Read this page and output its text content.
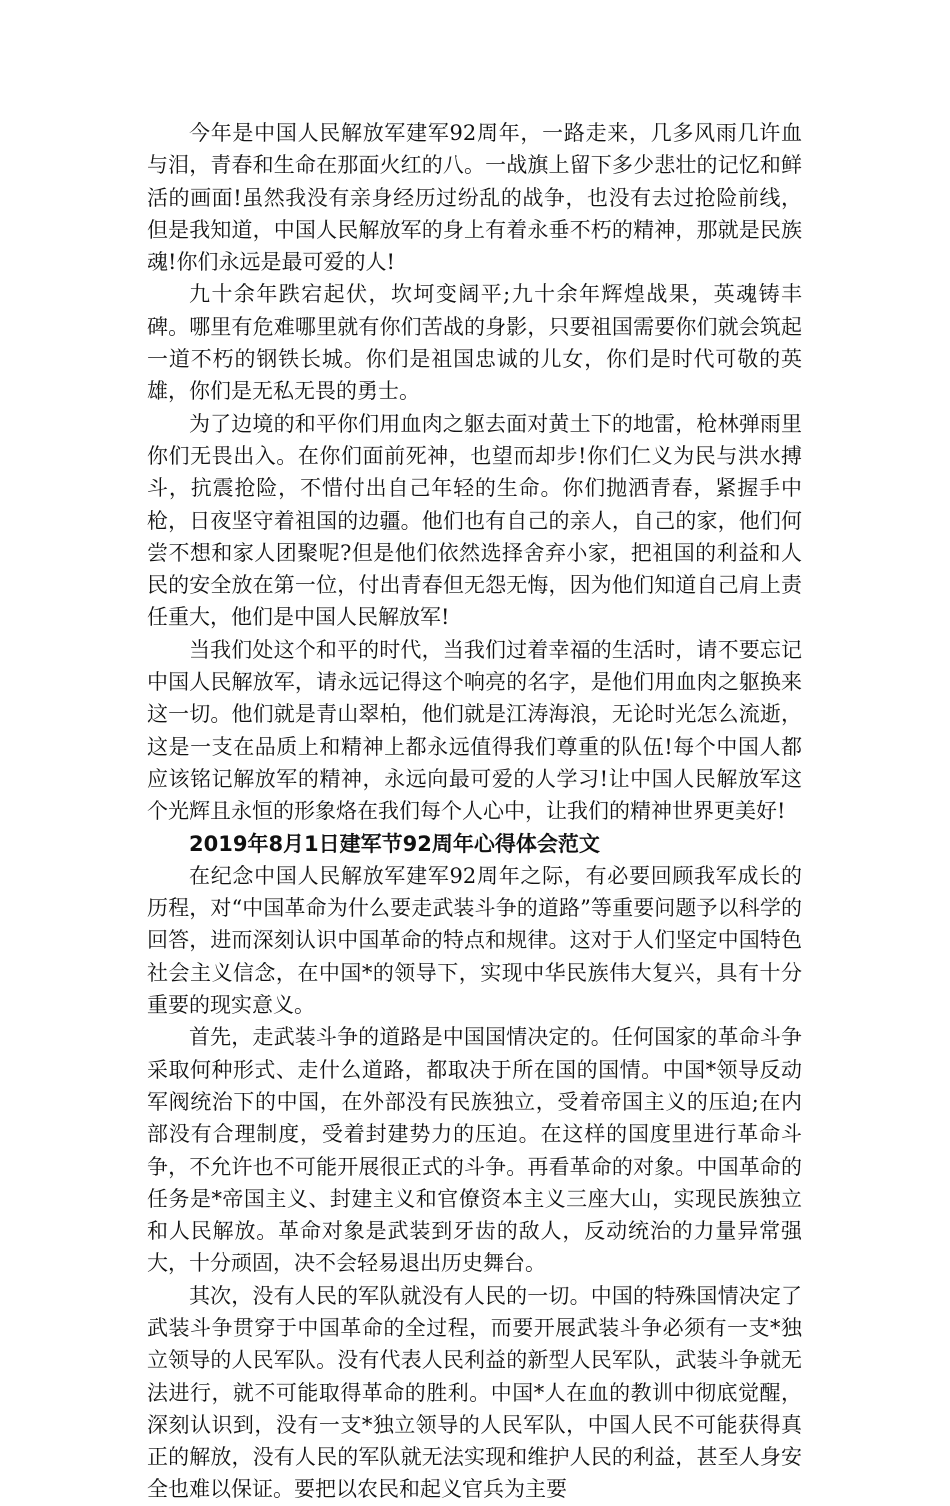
今年是中国人民解放军建军92周年，一路走来，几多风雨几许血与泪，青春和生命在那面火红的八。一战旗上留下多少悲壮的记忆和鲜活的画面!虽然我没有亲身经历过纷乱的战争，也没有去过抢险前线，但是我知道，中国人民解放军的身上有着永垂不朽的精神，那就是民族魂!你们永远是最可爱的人!

九十余年跌宕起伏，坎坷变阔平;九十余年辉煌战果，英魂铸丰碑。哪里有危难哪里就有你们苦战的身影，只要祖国需要你们就会筑起一道不朽的钢铁长城。你们是祖国忠诚的儿女，你们是时代可敬的英雄，你们是无私无畏的勇士。

为了边境的和平你们用血肉之躯去面对黄土下的地雷，枪林弹雨里你们无畏出入。在你们面前死神，也望而却步!你们仁义为民与洪水搏斗，抗震抢险，不惜付出自己年轻的生命。你们抛洒青春，紧握手中枪，日夜坚守着祖国的边疆。他们也有自己的亲人，自己的家，他们何尝不想和家人团聚呢?但是他们依然选择舍弃小家，把祖国的利益和人民的安全放在第一位，付出青春但无怨无悔，因为他们知道自己肩上责任重大，他们是中国人民解放军!

当我们处这个和平的时代，当我们过着幸福的生活时，请不要忘记中国人民解放军，请永远记得这个响亮的名字，是他们用血肉之躯换来这一切。他们就是青山翠柏，他们就是江涛海浪，无论时光怎么流逝，这是一支在品质上和精神上都永远值得我们尊重的队伍!每个中国人都应该铭记解放军的精神，永远向最可爱的人学习!让中国人民解放军这个光辉且永恒的形象烙在我们每个人心中，让我们的精神世界更美好!

2019年8月1日建军节92周年心得体会范文

在纪念中国人民解放军建军92周年之际，有必要回顾我军成长的历程，对“中国革命为什么要走武装斗争的道路”等重要问题予以科学的回答，进而深刻认识中国革命的特点和规律。这对于人们坚定中国特色社会主义信念，在中国*的领导下，实现中华民族伟大复兴，具有十分重要的现实意义。

首先，走武装斗争的道路是中国国情决定的。任何国家的革命斗争采取何种形式、走什么道路，都取决于所在国的国情。中国*领导反动军阀统治下的中国，在外部没有民族独立，受着帝国主义的压迫;在内部没有合理制度，受着封建势力的压迫。在这样的国度里进行革命斗争，不允许也不可能开展很正式的斗争。再看革命的对象。中国革命的任务是*帝国主义、封建主义和官僚资本主义三座大山，实现民族独立和人民解放。革命对象是武装到牙齿的敌人，反动统治的力量异常强大，十分顽固，决不会轻易退出历史舞台。

其次，没有人民的军队就没有人民的一切。中国的特殊国情决定了武装斗争贯穿于中国革命的全过程，而要开展武装斗争必须有一支*独立领导的人民军队。没有代表人民利益的新型人民军队，武装斗争就无法进行，就不可能取得革命的胜利。中国*人在血的教训中彻底觉醒，深刻认识到，没有一支*独立领导的人民军队，中国人民不可能获得真正的解放，没有人民的军队就无法实现和维护人民的利益，甚至人身安全也难以保证。要把以农民和起义官兵为主要
